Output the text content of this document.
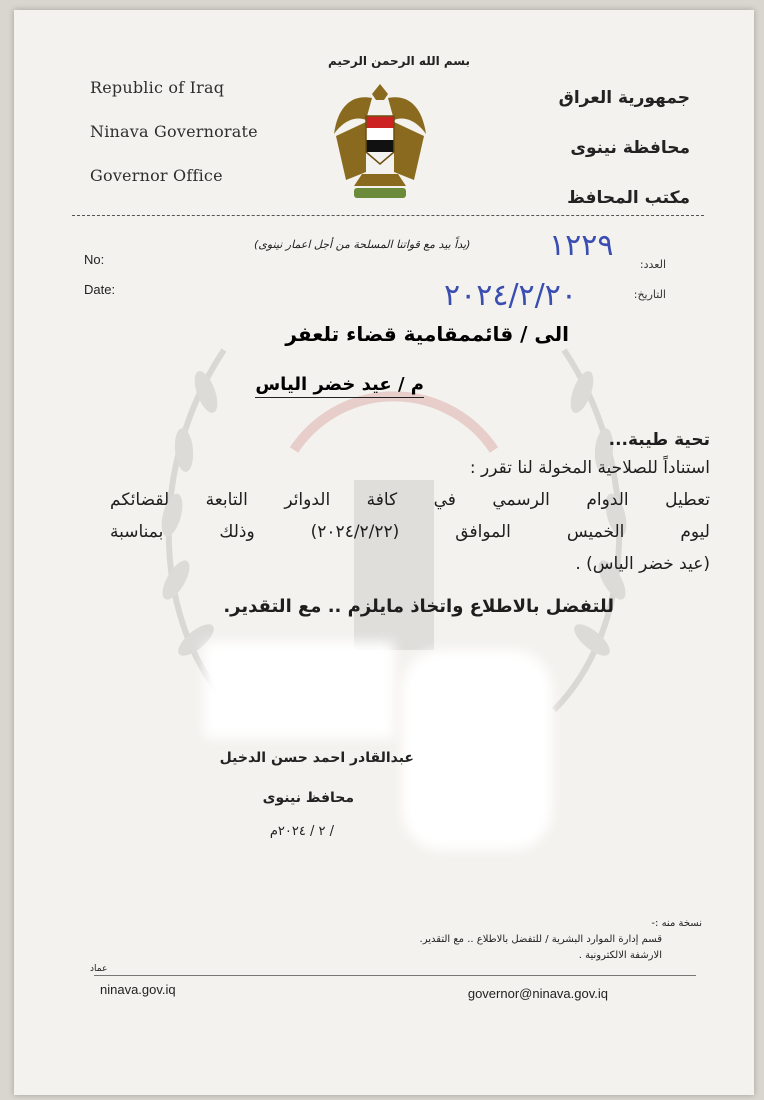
بسم الله الرحمن الرحيم
Republic of Iraq
Ninava Governorate
Governor Office
جمهورية العراق
محافظة نينوى
مكتب المحافظ
(يداً بيد مع قواتنا المسلحة من أجل اعمار نينوى)
No:
Date:
العدد:
التاريخ:
١٢٢٩
٢٠٢٤/٢/٢٠
الى / قائممقامية قضاء تلعفر
م / عيد خضر الياس
تحية طيبة...
استناداً للصلاحية المخولة لنا تقرر :
تعطيل الدوام الرسمي في كافة الدوائر التابعة لقضائكم
ليوم الخميس الموافق (٢٠٢٤/٢/٢٢) وذلك بمناسبة
(عيد خضر الياس) .
للتفضل بالاطلاع واتخاذ مايلزم .. مع التقدير.
عبدالقادر احمد حسن الدخيل
محافظ نينوى
/ ٢ / ٢٠٢٤م
نسخة منه :-
قسم إدارة الموارد البشرية / للتفضل بالاطلاع .. مع التقدير.
الارشفة الالكترونية .
عماد
ninava.gov.iq	governor@ninava.gov.iq
